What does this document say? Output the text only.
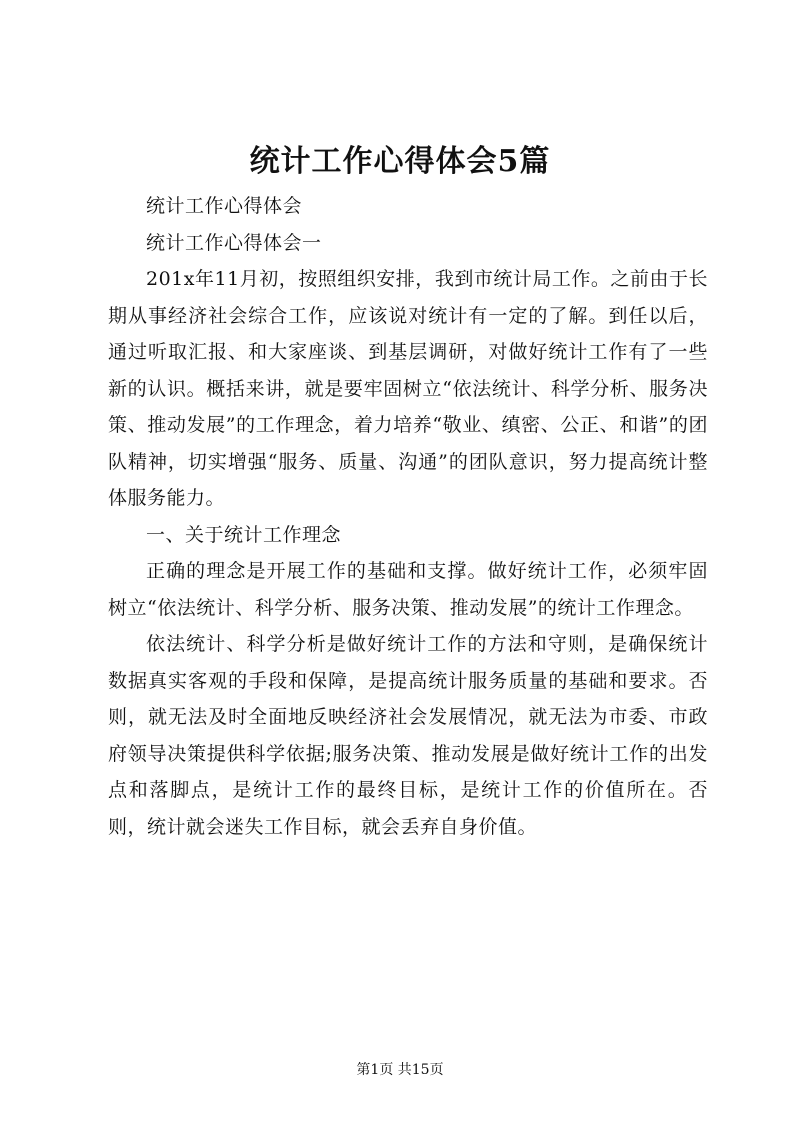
统计工作心得体会5篇

统计工作心得体会

统计工作心得体会一

201x年11月初，按照组织安排，我到市统计局工作。之前由于长期从事经济社会综合工作，应该说对统计有一定的了解。到任以后，通过听取汇报、和大家座谈、到基层调研，对做好统计工作有了一些新的认识。概括来讲，就是要牢固树立“依法统计、科学分析、服务决策、推动发展”的工作理念，着力培养“敬业、缜密、公正、和谐”的团队精神，切实增强“服务、质量、沟通”的团队意识，努力提高统计整体服务能力。

一、关于统计工作理念

正确的理念是开展工作的基础和支撑。做好统计工作，必须牢固树立“依法统计、科学分析、服务决策、推动发展”的统计工作理念。

依法统计、科学分析是做好统计工作的方法和守则，是确保统计数据真实客观的手段和保障，是提高统计服务质量的基础和要求。否则，就无法及时全面地反映经济社会发展情况，就无法为市委、市政府领导决策提供科学依据;服务决策、推动发展是做好统计工作的出发点和落脚点，是统计工作的最终目标，是统计工作的价值所在。否则，统计就会迷失工作目标，就会丢弃自身价值。

第1页 共15页
